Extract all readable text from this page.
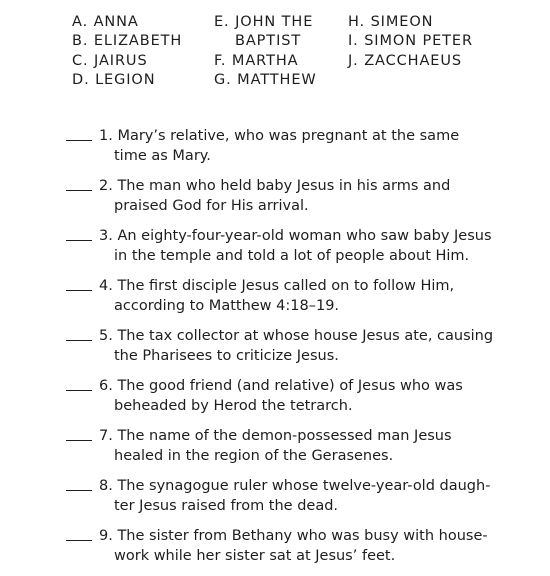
A. ANNA
B. ELIZABETH
C. JAIRUS
D. LEGION
E. JOHN THE
BAPTIST
F. MARTHA
G. MATTHEW
H. SIMEON
I. SIMON PETER
J. ZACCHAEUS
1. Mary’s relative, who was pregnant at the same
time as Mary.
2. The man who held baby Jesus in his arms and
praised God for His arrival.
3. An eighty-four-year-old woman who saw baby Jesus
in the temple and told a lot of people about Him.
4. The first disciple Jesus called on to follow Him,
according to Matthew 4:18–19.
5. The tax collector at whose house Jesus ate, causing
the Pharisees to criticize Jesus.
6. The good friend (and relative) of Jesus who was
beheaded by Herod the tetrarch.
7. The name of the demon-possessed man Jesus
healed in the region of the Gerasenes.
8. The synagogue ruler whose twelve-year-old daugh-
ter Jesus raised from the dead.
9. The sister from Bethany who was busy with house-
work while her sister sat at Jesus’ feet.
